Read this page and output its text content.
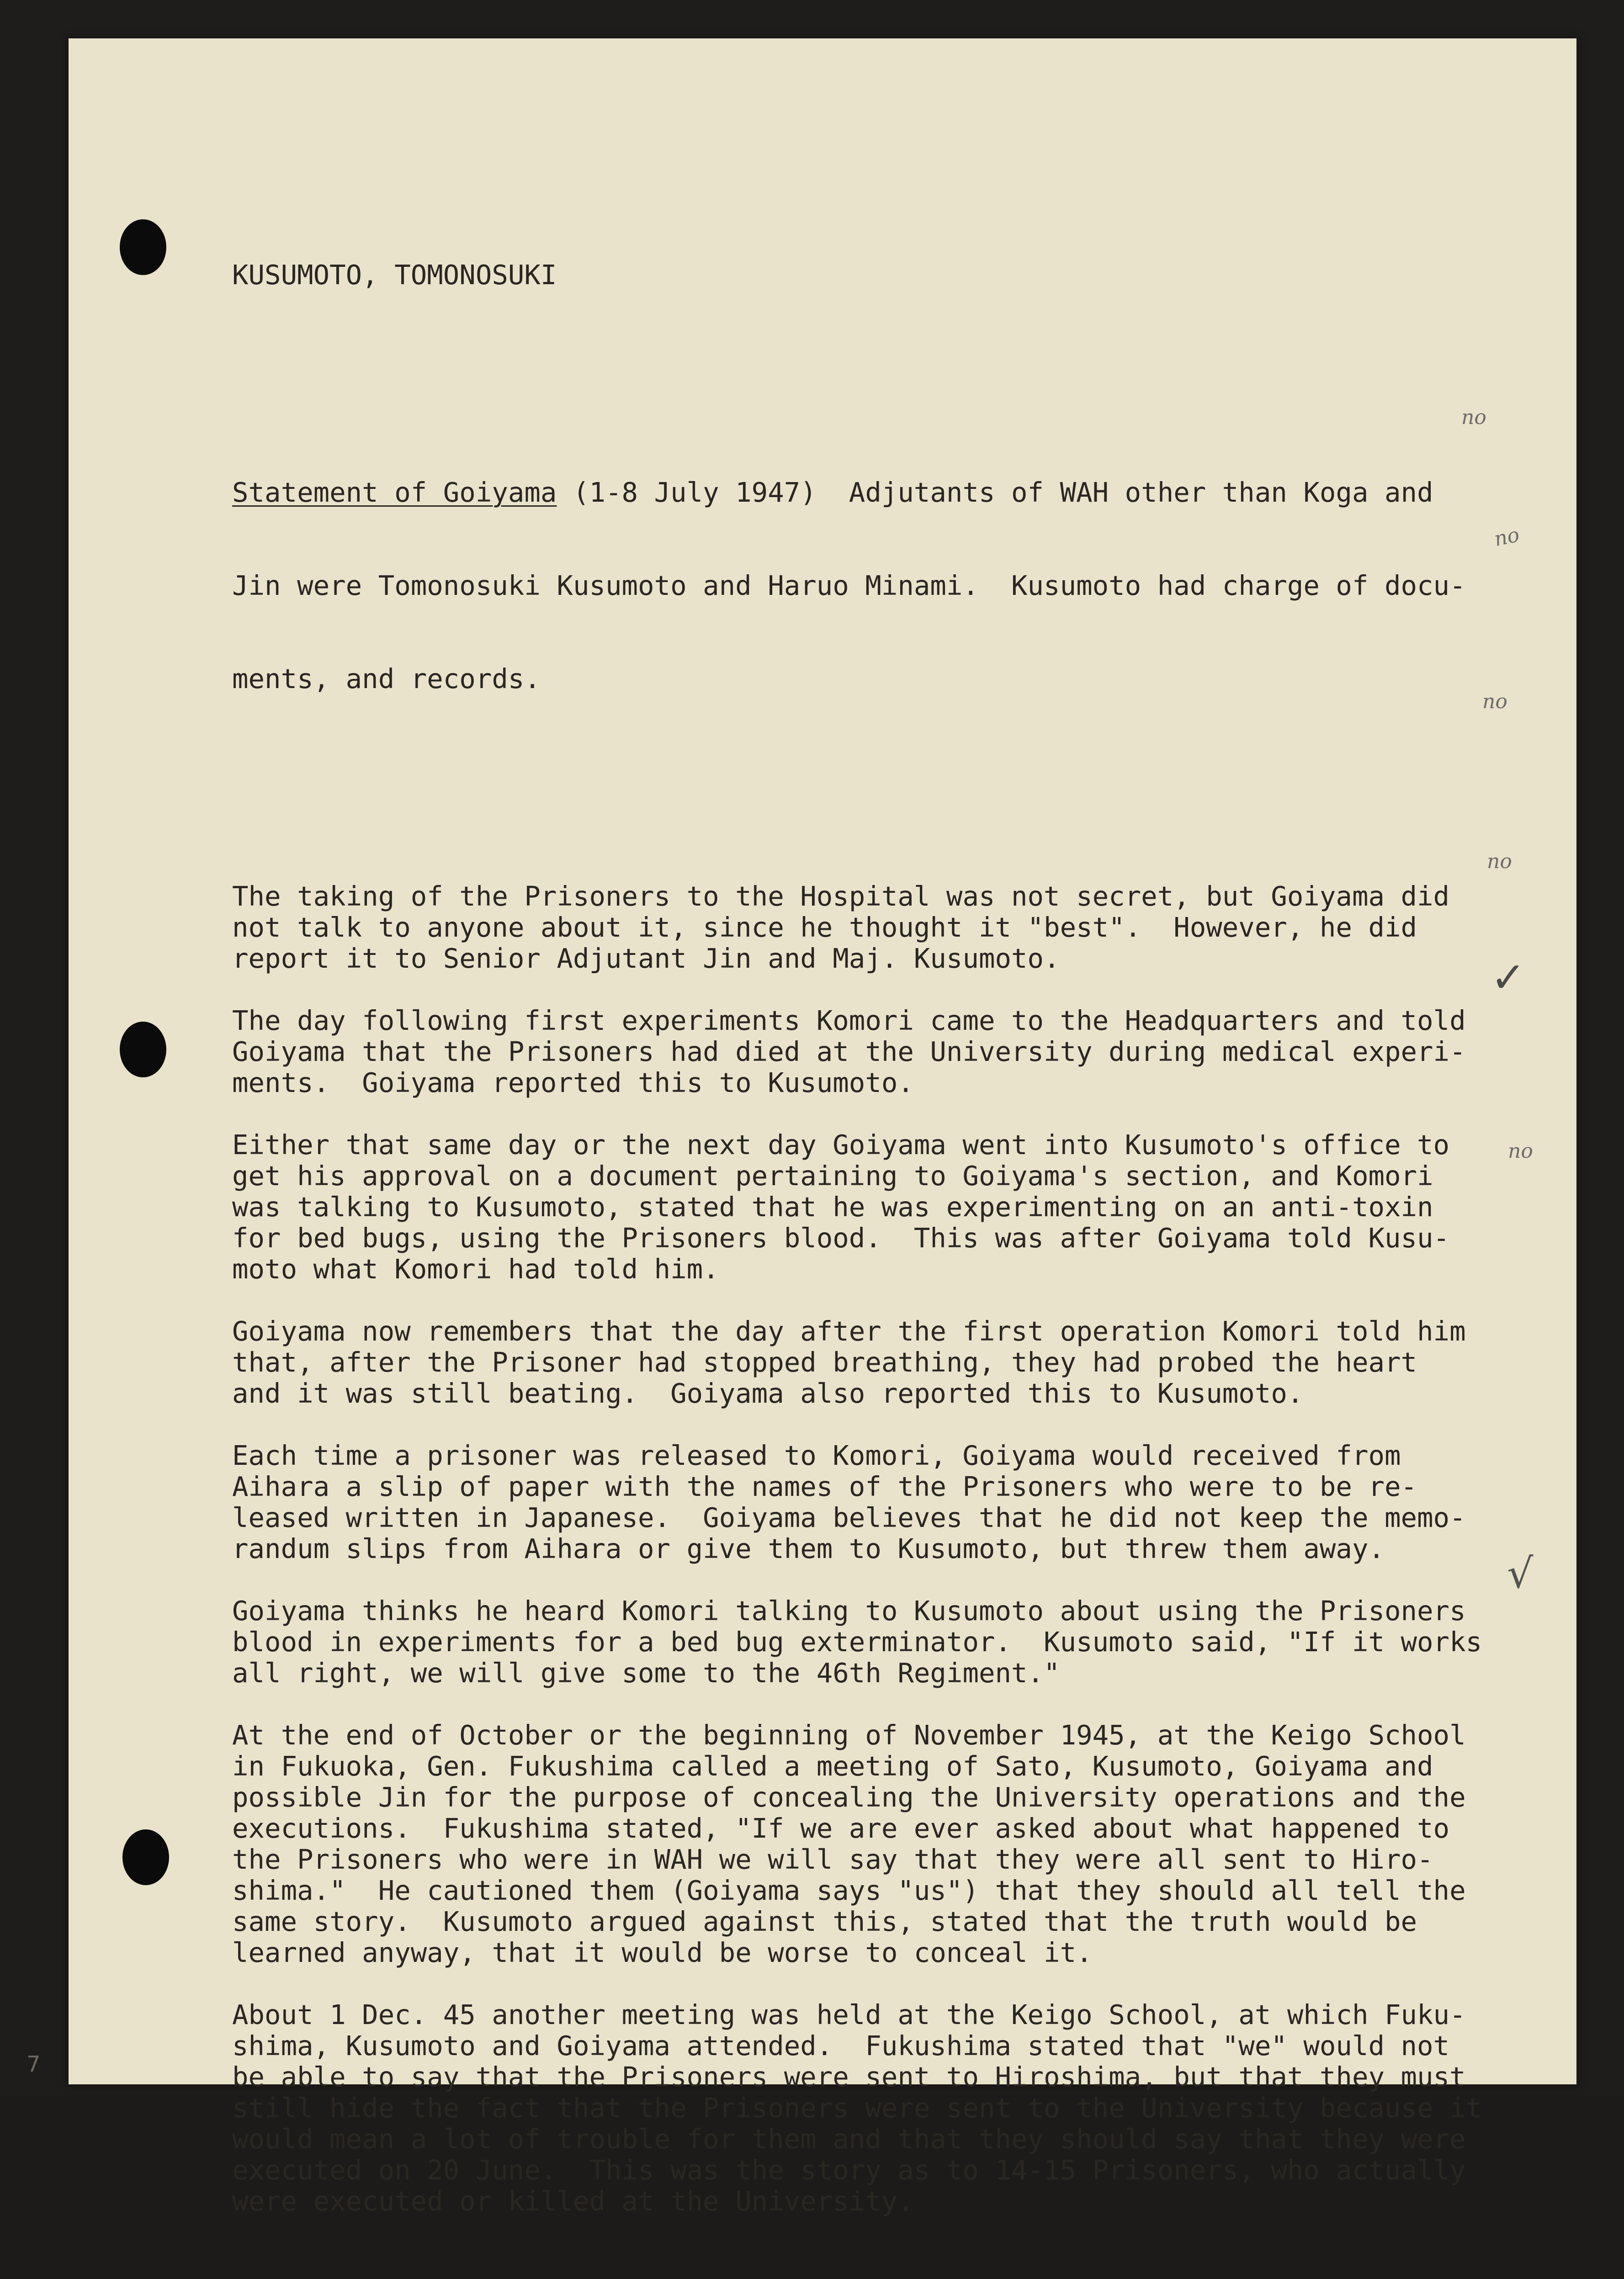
KUSUMOTO, TOMONOSUKI

Statement of Goiyama (1-8 July 1947)  Adjutants of WAH other than Koga and

Jin were Tomonosuki Kusumoto and Haruo Minami.  Kusumoto had charge of docu-

ments, and records.

The taking of the Prisoners to the Hospital was not secret, but Goiyama did
not talk to anyone about it, since he thought it "best".  However, he did
report it to Senior Adjutant Jin and Maj. Kusumoto.
The day following first experiments Komori came to the Headquarters and told
Goiyama that the Prisoners had died at the University during medical experi-
ments.  Goiyama reported this to Kusumoto.
Either that same day or the next day Goiyama went into Kusumoto's office to
get his approval on a document pertaining to Goiyama's section, and Komori
was talking to Kusumoto, stated that he was experimenting on an anti-toxin
for bed bugs, using the Prisoners blood.  This was after Goiyama told Kusu-
moto what Komori had told him.
Goiyama now remembers that the day after the first operation Komori told him
that, after the Prisoner had stopped breathing, they had probed the heart
and it was still beating.  Goiyama also reported this to Kusumoto.
Each time a prisoner was released to Komori, Goiyama would received from
Aihara a slip of paper with the names of the Prisoners who were to be re-
leased written in Japanese.  Goiyama believes that he did not keep the memo-
randum slips from Aihara or give them to Kusumoto, but threw them away.
Goiyama thinks he heard Komori talking to Kusumoto about using the Prisoners
blood in experiments for a bed bug exterminator.  Kusumoto said, "If it works
all right, we will give some to the 46th Regiment."
At the end of October or the beginning of November 1945, at the Keigo School
in Fukuoka, Gen. Fukushima called a meeting of Sato, Kusumoto, Goiyama and
possible Jin for the purpose of concealing the University operations and the
executions.  Fukushima stated, "If we are ever asked about what happened to
the Prisoners who were in WAH we will say that they were all sent to Hiro-
shima."  He cautioned them (Goiyama says "us") that they should all tell the
same story.  Kusumoto argued against this, stated that the truth would be
learned anyway, that it would be worse to conceal it.
About 1 Dec. 45 another meeting was held at the Keigo School, at which Fuku-
shima, Kusumoto and Goiyama attended.  Fukushima stated that "we" would not
be able to say that the Prisoners were sent to Hiroshima, but that they must
still hide the fact that the Prisoners were sent to the University because it
would mean a lot of trouble for them and that they should say that they were
executed on 20 June.  This was the story as to 14-15 Prisoners, who actually
were executed or killed at the University.

no
no
no
no
✓
no
√
7
